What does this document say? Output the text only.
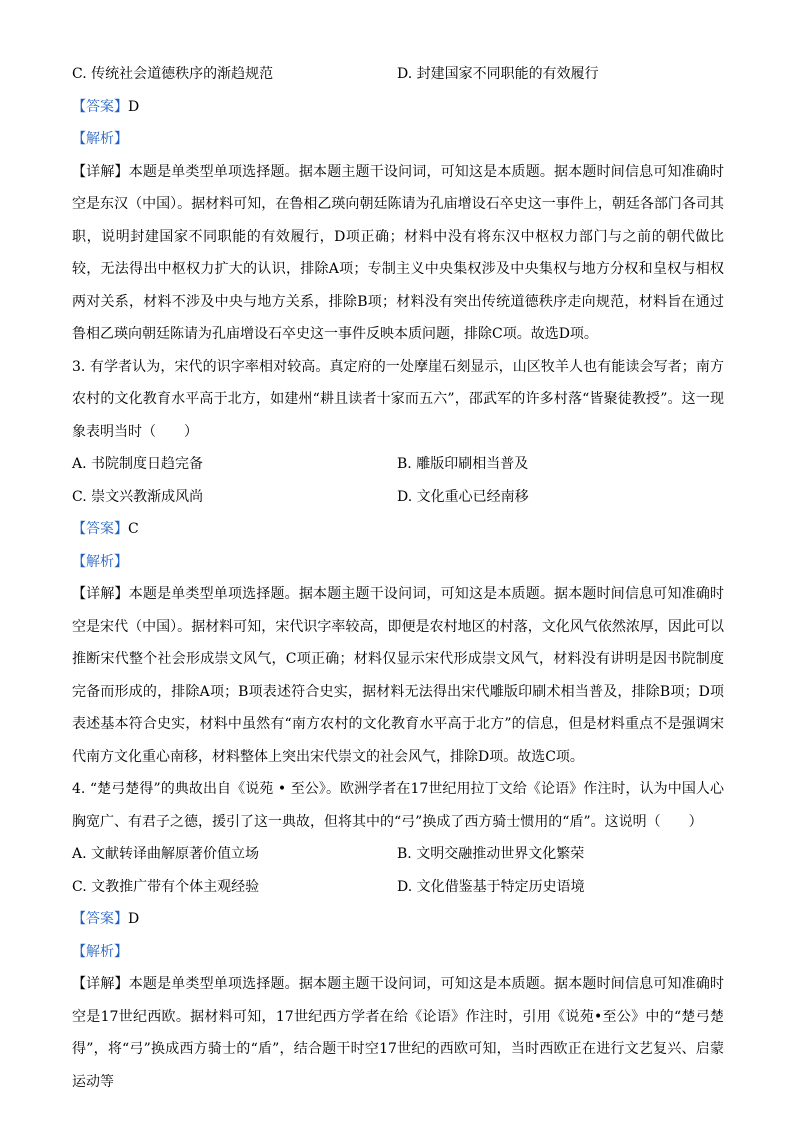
C. 传统社会道德秩序的渐趋规范	D. 封建国家不同职能的有效履行
【答案】D
【解析】
【详解】本题是单类型单项选择题。据本题主题干设问词，可知这是本质题。据本题时间信息可知准确时空是东汉（中国）。据材料可知，在鲁相乙瑛向朝廷陈请为孔庙增设石卒史这一事件上，朝廷各部门各司其职，说明封建国家不同职能的有效履行，D项正确；材料中没有将东汉中枢权力部门与之前的朝代做比较，无法得出中枢权力扩大的认识，排除A项；专制主义中央集权涉及中央集权与地方分权和皇权与相权两对关系，材料不涉及中央与地方关系，排除B项；材料没有突出传统道德秩序走向规范，材料旨在通过鲁相乙瑛向朝廷陈请为孔庙增设石卒史这一事件反映本质问题，排除C项。故选D项。
3. 有学者认为，宋代的识字率相对较高。真定府的一处摩崖石刻显示，山区牧羊人也有能读会写者；南方农村的文化教育水平高于北方，如建州“耕且读者十家而五六”，邵武军的许多村落“皆聚徒教授”。这一现象表明当时（　　）
A. 书院制度日趋完备	B. 雕版印刷相当普及
C. 崇文兴教渐成风尚	D. 文化重心已经南移
【答案】C
【解析】
【详解】本题是单类型单项选择题。据本题主题干设问词，可知这是本质题。据本题时间信息可知准确时空是宋代（中国）。据材料可知，宋代识字率较高，即便是农村地区的村落，文化风气依然浓厚，因此可以推断宋代整个社会形成崇文风气，C项正确；材料仅显示宋代形成崇文风气，材料没有讲明是因书院制度完备而形成的，排除A项；B项表述符合史实，据材料无法得出宋代雕版印刷术相当普及，排除B项；D项表述基本符合史实，材料中虽然有“南方农村的文化教育水平高于北方”的信息，但是材料重点不是强调宋代南方文化重心南移，材料整体上突出宋代崇文的社会风气，排除D项。故选C项。
4. “楚弓楚得”的典故出自《说苑 • 至公》。欧洲学者在17世纪用拉丁文给《论语》作注时，认为中国人心胸宽广、有君子之德，援引了这一典故，但将其中的“弓”换成了西方骑士惯用的“盾”。这说明（　　）
A. 文献转译曲解原著价值立场	B. 文明交融推动世界文化繁荣
C. 文教推广带有个体主观经验	D. 文化借鉴基于特定历史语境
【答案】D
【解析】
【详解】本题是单类型单项选择题。据本题主题干设问词，可知这是本质题。据本题时间信息可知准确时空是17世纪西欧。据材料可知，17世纪西方学者在给《论语》作注时，引用《说苑•至公》中的“楚弓楚得”，将“弓”换成西方骑士的“盾”，结合题干时空17世纪的西欧可知，当时西欧正在进行文艺复兴、启蒙运动等
